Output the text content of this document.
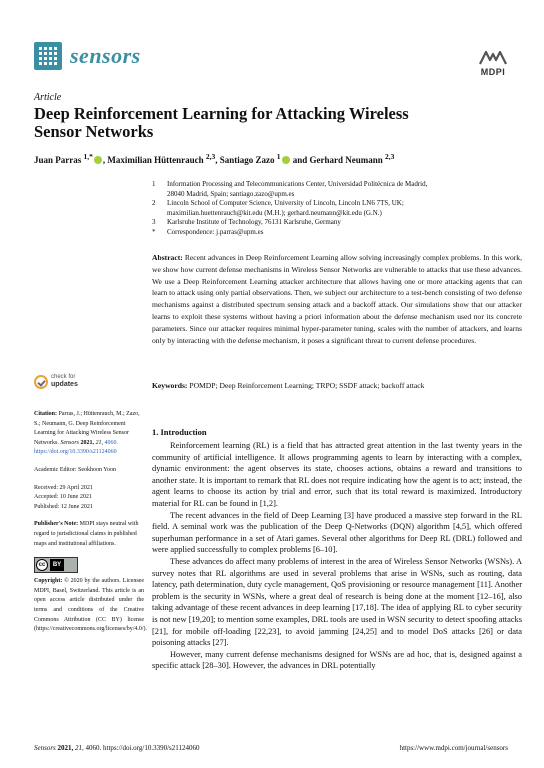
sensors
MDPI
Article
Deep Reinforcement Learning for Attacking Wireless Sensor Networks
Juan Parras $^{1,*}$ , Maximilian Hüttenrauch $^{2,3}$, Santiago Zazo $^1$ and Gerhard Neumann $^{2,3}$
1	Information Processing and Telecommunications Center, Universidad Politécnica de Madrid,
28040 Madrid, Spain; santiago.zazo@upm.es
2	Lincoln School of Computer Science, University of Lincoln, Lincoln LN6 7TS, UK;
maximilian.huettenrauch@kit.edu (M.H.); gerhard.neumann@kit.edu (G.N.)
3	Karlsruhe Institute of Technology, 76131 Karlsruhe, Germany
*	Correspondence: j.parras@upm.es
Abstract: Recent advances in Deep Reinforcement Learning allow solving increasingly complex problems. In this work, we show how current defense mechanisms in Wireless Sensor Networks are vulnerable to attacks that use these advances. We use a Deep Reinforcement Learning attacker architecture that allows having one or more attacking agents that can learn to attack using only partial observations. Then, we subject our architecture to a test-bench consisting of two defense mechanisms against a distributed spectrum sensing attack and a backoff attack. Our simulations show that our attacker learns to exploit these systems without having a priori information about the defense mechanism used nor its concrete parameters. Since our attacker requires minimal hyper-parameter tuning, scales with the number of attackers, and learns only by interacting with the defense mechanism, it poses a significant threat to current defense procedures.
Keywords: POMDP; Deep Reinforcement Learning; TRPO; SSDF attack; backoff attack
check for
updates

Citation: Parras, J.; Hüttenrauch, M.; Zazo, S.; Neumann, G. Deep Reinforcement Learning for Attacking Wireless Sensor Networks. Sensors 2021, 21, 4060. https://doi.org/10.3390/s21124060

Academic Editor: Seokhoon Yoon

Received: 29 April 2021
Accepted: 10 June 2021
Published: 12 June 2021

Publisher's Note: MDPI stays neutral with regard to jurisdictional claims in published maps and institutional affiliations.

cc	BY

Copyright: © 2020 by the authors. Licensee MDPI, Basel, Switzerland. This article is an open access article distributed under the terms and conditions of the Creative Commons Attribution (CC BY) license (https://creativecommons.org/licenses/by/4.0/).

1. Introduction

Reinforcement learning (RL) is a field that has attracted great attention in the last twenty years in the community of artificial intelligence. It allows programming agents to learn by interacting with a complex, dynamic environment: the agent observes its state, chooses actions, obtains a reward and transitions to another state. It is important to remark that RL does not require indicating how the agent is to act; instead, the agent learns to choose its action by trial and error, such that its total reward is maximized. Introductory material for RL can be found in [1,2].

The recent advances in the field of Deep Learning [3] have produced a massive step forward in the RL field. A seminal work was the publication of the Deep Q-Networks (DQN) algorithm [4,5], which offered superhuman performance in a set of Atari games. Several other algorithms for Deep RL (DRL) followed and were applied successfully to complex problems [6–10].

These advances do affect many problems of interest in the area of Wireless Sensor Networks (WSNs). A survey notes that RL algorithms are used in several problems that arise in WSNs, such as routing, data latency, path determination, duty cycle management, QoS provisioning or resource management [11]. Another problem is the security in WSNs, where a great deal of research is being done at the moment [12–16], also taking advantage of these recent advances in deep learning [17,18]. The idea of applying RL to cyber security is not new [19,20]; to mention some examples, DRL tools are used in WSN security to detect spoofing attacks [21], for mobile off-loading [22,23], to avoid jamming [24,25] and to model DoS attacks [26] or data poisoning attacks [27].

However, many current defense mechanisms designed for WSNs are ad hoc, that is, designed against a specific attack [28–30]. However, the advances in DRL potentially

Sensors 2021, 21, 4060. https://doi.org/10.3390/s21124060	https://www.mdpi.com/journal/sensors
